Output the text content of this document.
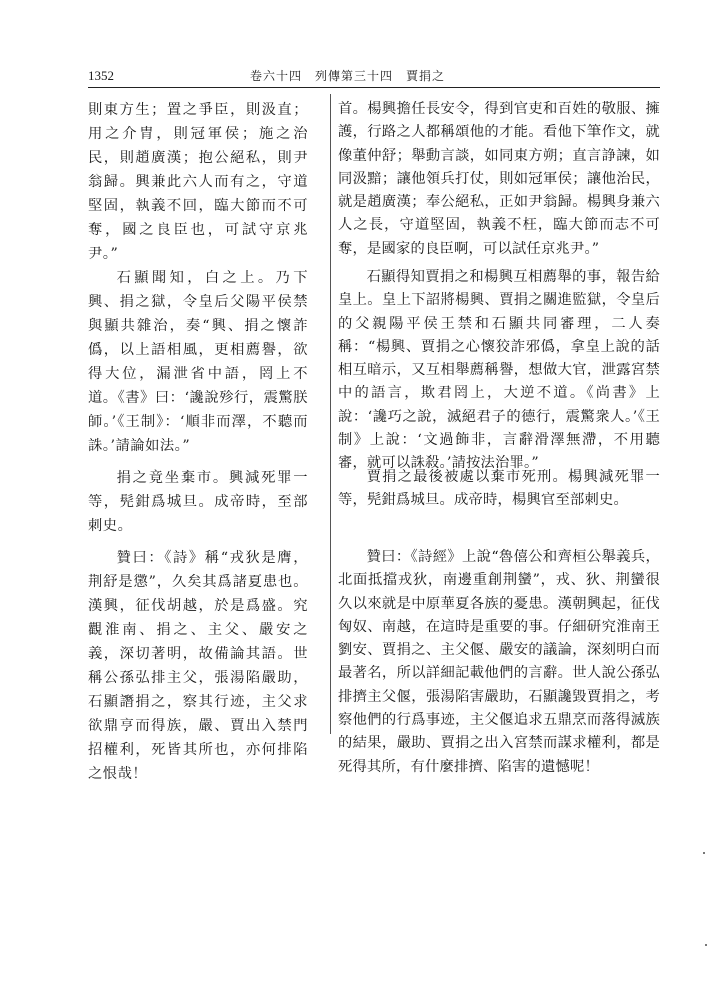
1352	卷六十四　列傳第三十四　賈捐之

則東方生；置之爭臣，則汲直；用之介胄，則冠軍侯；施之治民，則趙廣漢；抱公絕私，則尹翁歸。興兼此六人而有之，守道堅固，執義不回，臨大節而不可奪，國之良臣也，可試守京兆尹。”

石顯聞知，白之上。乃下興、捐之獄，令皇后父陽平侯禁與顯共雜治，奏“興、捐之懷詐僞，以上語相風，更相薦譽，欲得大位，漏泄省中語，罔上不道。《書》曰：‘讒說殄行，震驚朕師。’《王制》：‘順非而澤，不聽而誅。’請論如法。”

捐之竟坐棄市。興減死罪一等，髡鉗爲城旦。成帝時，至部刺史。

贊曰：《詩》稱“戎狄是膺，荆舒是懲”，久矣其爲諸夏患也。漢興，征伐胡越，於是爲盛。究觀淮南、捐之、主父、嚴安之義，深切著明，故備論其語。世稱公孫弘排主父，張湯陷嚴助，石顯譖捐之，察其行迹，主父求欲鼎亨而得族，嚴、賈出入禁門招權利，死皆其所也，亦何排陷之恨哉！

首。楊興擔任長安令，得到官吏和百姓的敬服、擁護，行路之人都稱頌他的才能。看他下筆作文，就像董仲舒；舉動言談，如同東方朔；直言諍諫，如同汲黯；讓他領兵打仗，則如冠軍侯；讓他治民，就是趙廣漢；奉公絕私，正如尹翁歸。楊興身兼六人之長，守道堅固，執義不枉，臨大節而志不可奪，是國家的良臣啊，可以試任京兆尹。”

石顯得知賈捐之和楊興互相薦舉的事，報告給皇上。皇上下詔將楊興、賈捐之關進監獄，令皇后的父親陽平侯王禁和石顯共同審理，二人奏稱：“楊興、賈捐之心懷狡詐邪僞，拿皇上說的話相互暗示，又互相舉薦稱譽，想做大官，泄露宮禁中的語言，欺君罔上，大逆不道。《尚書》上說：‘讒巧之說，滅絕君子的德行，震驚衆人。’《王制》上說：‘文過飾非，言辭滑澤無滯，不用聽審，就可以誅殺。’請按法治罪。”

賈捐之最後被處以棄市死刑。楊興減死罪一等，髡鉗爲城旦。成帝時，楊興官至部刺史。

贊曰：《詩經》上說“魯僖公和齊桓公舉義兵，北面抵擋戎狄，南邊重創荆蠻”，戎、狄、荆蠻很久以來就是中原華夏各族的憂患。漢朝興起，征伐匈奴、南越，在這時是重要的事。仔細研究淮南王劉安、賈捐之、主父偃、嚴安的議論，深刻明白而最著名，所以詳細記載他們的言辭。世人說公孫弘排擠主父偃，張湯陷害嚴助，石顯讒毀賈捐之，考察他們的行爲事迹，主父偃追求五鼎烹而落得滅族的結果，嚴助、賈捐之出入宮禁而謀求權利，都是死得其所，有什麼排擠、陷害的遺憾呢！
